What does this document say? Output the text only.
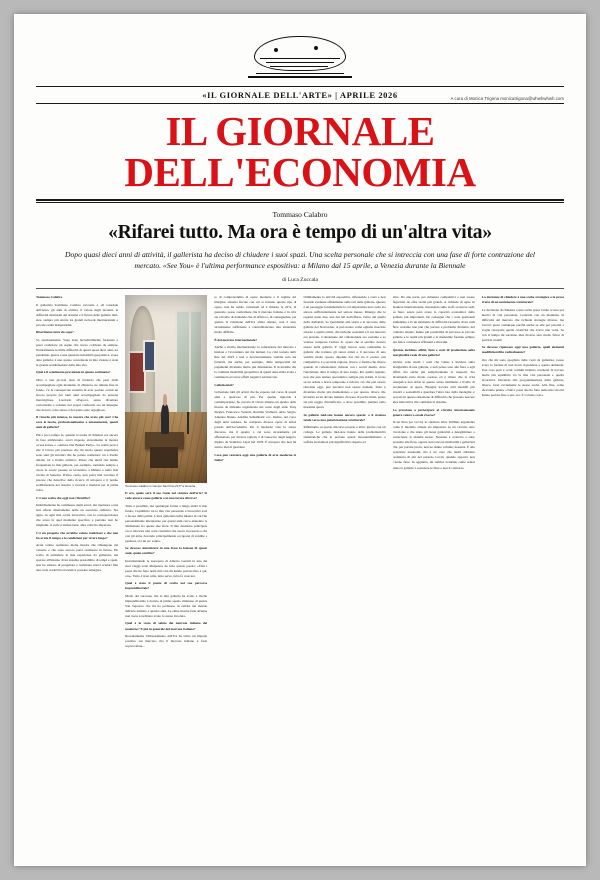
«IL GIORNALE DELL'ARTE» | APRILE 2026	A cura di Monica Trigona monicatrigona@whwhwhwh.com
IL GIORNALE DELL'ECONOMIA
Tommaso Calabro
«Rifarei tutto. Ma ora è tempo di un'altra vita»
Dopo quasi dieci anni di attività, il gallerista ha deciso di chiudere i suoi spazi. Una scelta personale che si intreccia con una fase di forte contrazione del mercato. «See You» è l'ultima performance espositiva: a Milano dal 15 aprile, a Venezia durante la Biennale
di Luca Zuccala

Tommaso Calabro

Il gallerista Tommaso Calabro racconta a «Il Giornale dell'Arte» gli anni di attività, il valore degli incontri, le difficoltà strutturali del sistema e il futuro delle gallerie mid-size, sempre più strette tra grandi network internazionali e piccole realtà indipendenti.

Ritorniamo tutto da capo?

Sì, assolutamente. Sono state incredibilmente fortunate a poter realizzare un sogno che avevo coltivato da sempre. Naturalmente le mille difficoltà di questi quasi dieci anni, tra pandemia, guerre e una generale instabilità geopolitica, avere dato galleria; è uno spazio concettuale in mia visione è stata la grande soddisfazione della mia vita.

Qual è il sentimento prevalente in questo settimana?

Oltre a una piccola dose di tristezza che pesa della accompagnare ogni momento di chiusura, ne rimane fine in fondo, c'è la consapevole serenità di aver portato avanti un lavoro proprio per tanti anni accompagnato da persone meravigliose. Lasciarlo all'epoca, senso diventare caricaturale o soltanto noi propri confronti, era un impegno che dovevo a me stesso e dei quale sono orgoglioso.

Il ricordo più intenso, la mostra che avete più sua? Che cosa le lascia, professionalmente e umanamente, questi anni di galleria?

Più a poco tempo fa, quando la scelta di chiudere era ancora in fase embrionale, avevi risposto sicuramente la mostra «Casa Iolas» o «Amore Dei Balkan Party». La realtà però è che il lavoro più prezioso che mi lascia questa esperienza sono stati gli incontri che ho potuto realizzare: un a livello umano tra a livello artistico. Penso che molti che hanno frequentato le mie gallerie, per esempio, tornando sempre a cuore le scorte passate in terrazzino a Milano o nella mia cucina di Venezia. D'altro canto, non potrà mai scordare il piacere che detective della ricerca di un'opera e il nonno soddisfazione nel riuscire a trovarla e metterla per la prima volta.

C'è una scelta che oggi non rifarebbe?

Indubbiamente ho commesso degli errori, ma ripensare a una non riferei direttamente nelle un esercizio stilistico. Sto agito, in ogni mia scelta lavorativa, con la consapevolezza che avere in quel momento specifico e pertanto non ho rimpianti. A volte è andata bene, altre volte ho imparato.

C'è un progetto che avrebbe voluto realizzare e che non ha avuto il tempo o le condizioni per vivere luogo?

Avrei voluto realizzare molte mostre che rimangono nel cassetto e che sono ancora potrà realizzare in futuro. Ho scelto di terminare la mia esperienza da gallerista, ma sperare all'interno di un sistema prestabilito di tempi e spazi, non ho smesso di progettare e realizzare nuovi scenari fino una certa creatività ed estetica possano emergere.

Tommaso Calabro in Campo San Polo 2177 a Venezia

Il ora, quale sarà il suo ruolo nel sistema dell'arte? Si vede ancora come galleria o in una forma diversa?

Tutto è possibile, ma qualunque forma a lungo andrà il mio futuro, l'equilibrio tra la mia vita personale e lavorativa sarà a favore della prima. L'area gallerista nella misura in cui l'ho personalmente interpretato per questi anni cerca annodato la distinzione tra queste due sfere. Il mio desiderio principale ora è ritrovare una certa creatività che avevo in passato e che con gli anni, dovendo principalmente occuparsi di vendite e gestioni, si è un po' sopita.

Se dovesse sintetizzare in una frase la lezione di questi anni, quale sarebbe?

Incrementando le sue/opera di Alberto Garutti in uno dei suoi viaggi versi Malpensa, ho letto questo parola: «Tutti i passi che ho fatto nella mia vita mi hanno portato fino a qui, ora». Tutto è stato utile, tutto serve, tutto fa crescere.

Qual è stato il punto di svolta nel suo percorso imprenditoriale?

Molto del successo che la mia galleria ha avuto a livello imprenditoriale è dovuto al primo spazio milanese di piazza San Sepolcro che mi ha permesso di esibire nel mondo dell'arte italiano a quattro anni. Le sinne mostre fatte all'enne non avete scordinare avuto lo stesso incontro.

Qual è lo stato di salute dei mercato italiano dei moderno? E più in generale del mercato italiano?

Recentemente l'abbassamento dell'Iva ha avuto un impatto positivo sul mercato, ma il mercato italiano è farto sopravvaluta...

to di compravendita di opere moderne e il regime del margine, sistema fiscale con cui si trattano questo tipo di opere, non ha subito variazioni ed è rimasto al 22%. In generale, posso confermare che il mercato italiano è in crisi sia a livello di domanda che di offerta e, di conseguenza, per quanto la riduzione dell'Iva abbia aiutato, non è stata sicuramente sufficiente a controbilanciare una situazione molto difficile.

È del mercato internazionale?

Anche a livello internazionale la contrazione del mercato è iniziata e l'avvennuta dei dai numeri. La crisi tornata dalla fine del 2023 e non è necessariamente visibile sola dai fatturati, ma anche, per esempio, dalle temporalità dei pagamenti diventate molto più dilazionate. Il ricettabile che la continua instabilità geopolitica di questi anni abbia avuto e continuerà ad avere effetti negativi sul mercato.

Collezionisti?

Collezione tutti gli artisti che ho esposto nel corso di questi anni a qualcosa di più. Per quanto riguarda il contemporaneo, ho cercato di vivere almeno un quadro delle mostre da abbiamo organizzato nel corso degli anni. Tony Ziegler, Francesco Vezzoli, Romina Vermont, Aldo Sergio, Amedeo Nunes, Adelina Sellembatic ecc. Inoltre, nel corso degli anni vendere, ho comprato diverse opere di artisti passati dall'Accademia. Per il moderno vale lo stesso discorso, ma il quadro a cui sono sicuramente più affezionato, per diverse ragioni, è di Gnoscico degli Angolo, dipinto da Stanislao Lepri nel 1978. È un'opera che non mi stanco mai di guardare.

Cosa può resistere oggi una galleria di arte moderna in Italia?

Ottimamente la attività espositiva, riflessendo i costi e non facendo evidente affidamento sulle reti delle gallerie. Questo è un passaggio fondamentale la cui importanza non credo sia ancora sufficientemente nel settore messo. Ritengo che le regioni siano due, una dai lati dell'offerta, l'altro dai quella della domanda. So guardiamo alla storia e al successo delle gallerie del Novecento, si può notare come ognuna riuscisse attorno a quello artisti, che univano sostenuti e li sui mercato era protetto. L'attenzione del collezionista era costante e sa volesse comprare l'artista X. opera che si sarebbe dovuto essere nella galleria Y. Oggi invece sono tantissime le gallerie che trattano gli stessi artisti e il successo di una vendita molto spesso dipende dai che ha il prezzo più competitivo. La seconda ragione, invece, è fornita che invece quando di collezionisti, rimaste con i social media, deve l'attenzione dura il tempo di uno swipe. Per quella ragione, non che può tentare speculativo sempre più ridotti, il focus su un artista a breve temporale è ridotto: ciò che può essere rilevante oggi, può lasciarsi non essere domani. Tutto è diventato molto più momentaneo e per questo, invece che investire su un dovuto numero di opere di pochi artisti, penso sia più saggio diversificare, a dove possibile, puntare sulla massima quota.

In gallerie mid-size hanno ancora spazio: o il sistema tende verso una polarizzazione strutturale?

Riflettiamo su questo discorso proprio è altro: giorno con un collega. Le gallerie mid-size hanno delle problematicità sistematiche che le portano questi insostenibilmente a soffrire in maniera più significativa rispetto ad

altre. Da una parte, per rimanere competitivi e non essere fagocitati da altre realtà più grandi, si richiede di agire in maniera internazionale, investendo sullo staff, su nuove sedi, su fiere, senza però avere la capacità economica delle gallerie più importanti. Ne consegue che i costi gestionali aumentino e in un momento di difficoltà l'assenza di un cash flow costante non può che portare a problemi. Pertanto, nel contesto attuale, hanno più possibilità di successo le piccole gallerie e le realtà più grandi e le medesime faranno sempre più fatica a rimanere efficienti e rilevanti.

Quanto incidono affitti, fiere e costi di produzione sulla marginalità reale di una galleria?

Alcuni, sono molti i costi che vanno a incidere sulla marginalità di una galleria, e non penso solo alle fiere o agli affitti, ma anche più semplicemente ai trasporti. Sta diventando tutto molto costoso ed è chiaro che la crisi energetica non abbia in questo senso nemmeno a livello di produzione di opere. Bisogna trovare altri modelli più elastici e sostenibili a guardare l'altro lato della medaglia: è proprio in questo situazione di difficoltà che possono nascere idee innovative che cambiano il sistema.

La pressione a partecipare al circuito internazionale genera valore o erode risorse?

In un libro per Covid, lo studioso Olav Velthuis argomenta come il modello attuale sia impostato su un circuito auto circolante e che siano gli stessi gallerristi a delegittimare a partecipare al sistema stesso. Nessuno è costretto a stare presente alle fiere, oppure sono ancora moltissimi i gallerristi che, per portate prove, non ne danno volume: nessuna. È una posizione autonomi, ma è un caso che molti abbiamo realizzato di più nel periodo Covid, quando apparve non c'erano fiere. In aggiunta, mi sembra evidente come ormai siano le gallerie a sostenere le fiere e non il contrario.

La decisione di chiudere è una scelta strategica o la presa d'atto di un mutamento strutturale?

La decisione di chiudere e una scelta presa l'anno scorso per motivi di vita personale. Coincide con un momento di difficoltà del mercato che richiede strategie diverse, ma l'averci presa comunque perché anche se alle per priorità a voglia riscoprire quella creatività che avevo una volta. Se con il tempo mi sarranno idee diverse sarò molto felice di portarle avanti!

Se dovesse ripensare oggi una galleria, quali elementi modificherebbe radicalmente?

Ora che mi sono spogliato delle vesti da gallerista, posso avere la fortuna di non dover rispondere a questa domanda. Una cosa però è certa: termini indietro cercherei di trovare molta più equilibrio tra la mia vita personale e quella lavorativa. Dovendo alla programmazione della galleria, invece, farei ovviamente le stesse scelte. Alla fine, come dicevamo prima, «Tutti i passi che ho fatto nella mia vita mi hanno portato fino a qui, ora. E va bene così.»
